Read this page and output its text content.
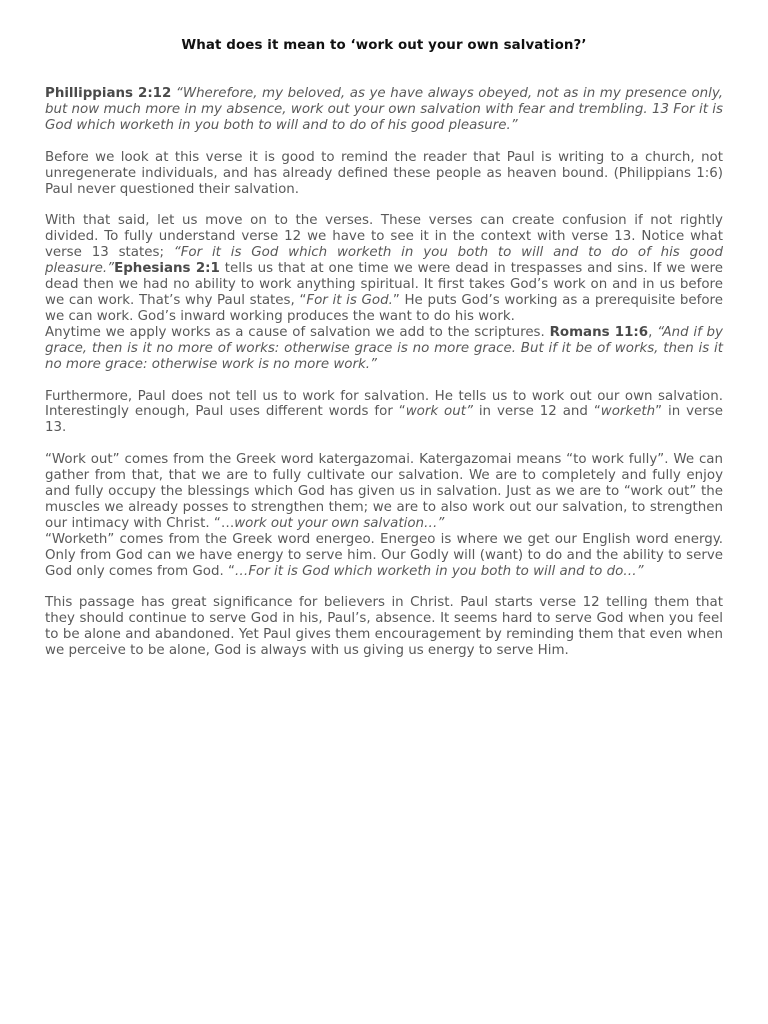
What does it mean to ‘work out your own salvation?’

Phillippians 2:12 “Wherefore, my beloved, as ye have always obeyed, not as in my presence only, but now much more in my absence, work out your own salvation with fear and trembling. 13 For it is God which worketh in you both to will and to do of his good pleasure.”

Before we look at this verse it is good to remind the reader that Paul is writing to a church, not unregenerate individuals, and has already defined these people as heaven bound. (Philippians 1:6) Paul never questioned their salvation.

With that said, let us move on to the verses. These verses can create confusion if not rightly divided. To fully understand verse 12 we have to see it in the context with verse 13. Notice what verse 13 states; “For it is God which worketh in you both to will and to do of his good pleasure.”Ephesians 2:1 tells us that at one time we were dead in trespasses and sins. If we were dead then we had no ability to work anything spiritual. It first takes God’s work on and in us before we can work. That’s why Paul states, “For it is God.” He puts God’s working as a prerequisite before we can work. God’s inward working produces the want to do his work.

Anytime we apply works as a cause of salvation we add to the scriptures. Romans 11:6, “And if by grace, then is it no more of works: otherwise grace is no more grace. But if it be of works, then is it no more grace: otherwise work is no more work.”

Furthermore, Paul does not tell us to work for salvation. He tells us to work out our own salvation. Interestingly enough, Paul uses different words for “work out” in verse 12 and “worketh” in verse 13.

“Work out” comes from the Greek word katergazomai. Katergazomai means “to work fully”. We can gather from that, that we are to fully cultivate our salvation. We are to completely and fully enjoy and fully occupy the blessings which God has given us in salvation. Just as we are to “work out” the muscles we already posses to strengthen them; we are to also work out our salvation, to strengthen our intimacy with Christ. “…work out your own salvation…”

“Worketh” comes from the Greek word energeo. Energeo is where we get our English word energy. Only from God can we have energy to serve him. Our Godly will (want) to do and the ability to serve God only comes from God. “…For it is God which worketh in you both to will and to do…”

This passage has great significance for believers in Christ. Paul starts verse 12 telling them that they should continue to serve God in his, Paul’s, absence. It seems hard to serve God when you feel to be alone and abandoned. Yet Paul gives them encouragement by reminding them that even when we perceive to be alone, God is always with us giving us energy to serve Him.
